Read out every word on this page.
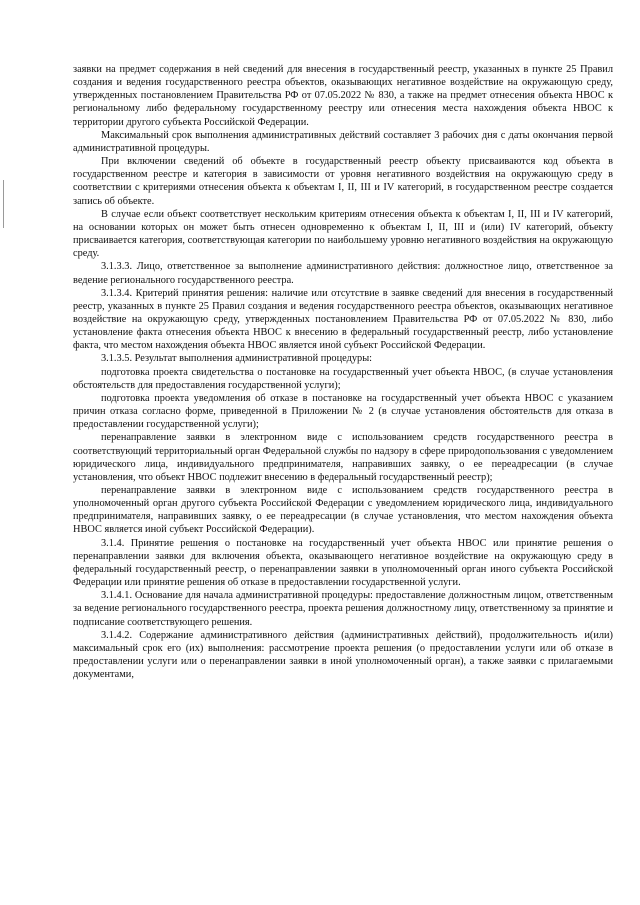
заявки на предмет содержания в ней сведений для внесения в государственный реестр, указанных в пункте 25 Правил создания и ведения государственного реестра объектов, оказывающих негативное воздействие на окружающую среду, утвержденных постановлением Правительства РФ от 07.05.2022 № 830, а также на предмет отнесения объекта НВОС к региональному либо федеральному государственному реестру или отнесения места нахождения объекта НВОС к территории другого субъекта Российской Федерации.

Максимальный срок выполнения административных действий составляет 3 рабочих дня с даты окончания первой административной процедуры.

При включении сведений об объекте в государственный реестр объекту присваиваются код объекта в государственном реестре и категория в зависимости от уровня негативного воздействия на окружающую среду в соответствии с критериями отнесения объекта к объектам I, II, III и IV категорий, в государственном реестре создается запись об объекте.

В случае если объект соответствует нескольким критериям отнесения объекта к объектам I, II, III и IV категорий, на основании которых он может быть отнесен одновременно к объектам I, II, III и (или) IV категорий, объекту присваивается категория, соответствующая категории по наибольшему уровню негативного воздействия на окружающую среду.

3.1.3.3. Лицо, ответственное за выполнение административного действия: должностное лицо, ответственное за ведение регионального государственного реестра.

3.1.3.4. Критерий принятия решения: наличие или отсутствие в заявке сведений для внесения в государственный реестр, указанных в пункте 25 Правил создания и ведения государственного реестра объектов, оказывающих негативное воздействие на окружающую среду, утвержденных постановлением Правительства РФ от 07.05.2022 № 830, либо установление факта отнесения объекта НВОС к внесению в федеральный государственный реестр, либо установление факта, что местом нахождения объекта НВОС является иной субъект Российской Федерации.

3.1.3.5. Результат выполнения административной процедуры:

подготовка проекта свидетельства о постановке на государственный учет объекта НВОС, (в случае установления обстоятельств для предоставления государственной услуги);

подготовка проекта уведомления об отказе в постановке на государственный учет объекта НВОС с указанием причин отказа согласно форме, приведенной в Приложении № 2 (в случае установления обстоятельств для отказа в предоставлении государственной услуги);

перенаправление заявки в электронном виде с использованием средств государственного реестра в соответствующий территориальный орган Федеральной службы по надзору в сфере природопользования с уведомлением юридического лица, индивидуального предпринимателя, направивших заявку, о ее переадресации (в случае установления, что объект НВОС подлежит внесению в федеральный государственный реестр);

перенаправление заявки в электронном виде с использованием средств государственного реестра в уполномоченный орган другого субъекта Российской Федерации с уведомлением юридического лица, индивидуального предпринимателя, направивших заявку, о ее переадресации (в случае установления, что местом нахождения объекта НВОС является иной субъект Российской Федерации).

3.1.4. Принятие решения о постановке на государственный учет объекта НВОС или принятие решения о перенаправлении заявки для включения объекта, оказывающего негативное воздействие на окружающую среду в федеральный государственный реестр, о перенаправлении заявки в уполномоченный орган иного субъекта Российской Федерации или принятие решения об отказе в предоставлении государственной услуги.

3.1.4.1. Основание для начала административной процедуры: предоставление должностным лицом, ответственным за ведение регионального государственного реестра, проекта решения должностному лицу, ответственному за принятие и подписание соответствующего решения.

3.1.4.2. Содержание административного действия (административных действий), продолжительность и(или) максимальный срок его (их) выполнения: рассмотрение проекта решения (о предоставлении услуги или об отказе в предоставлении услуги или о перенаправлении заявки в иной уполномоченный орган), а также заявки с прилагаемыми документами,
